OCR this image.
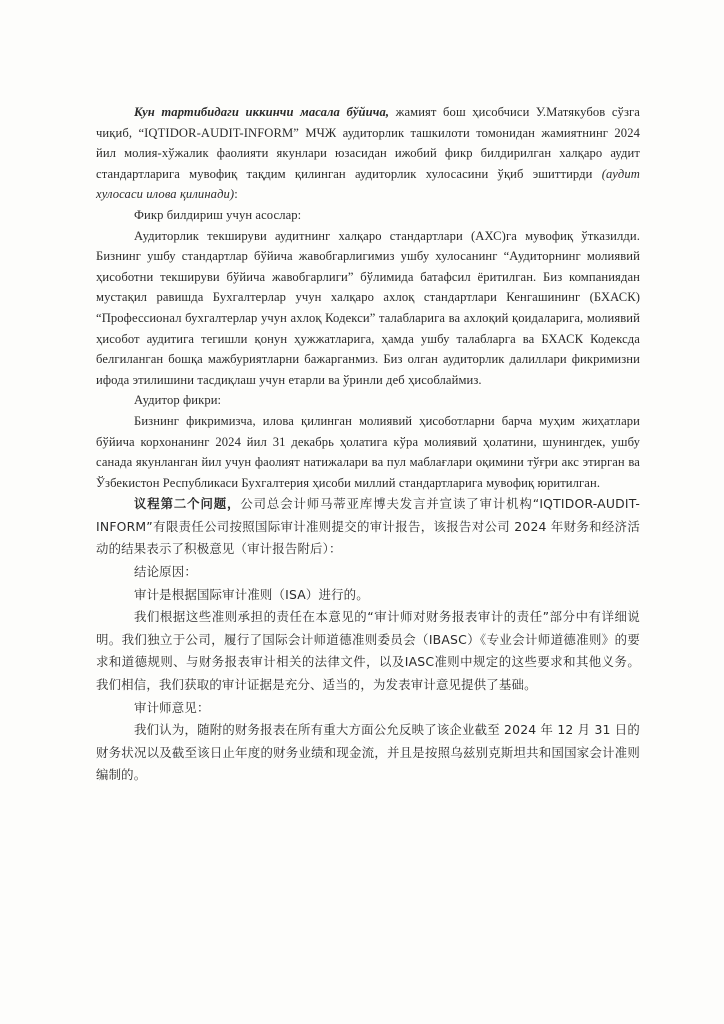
Кун тартибидаги иккинчи масала бўйича, жамият бош ҳисобчиси У.Матякубов сўзга чиқиб, “IQTIDOR-AUDIT-INFORM” МЧЖ аудиторлик ташкилоти томонидан жамиятнинг 2024 йил молия-хўжалик фаолияти якунлари юзасидан ижобий фикр билдирилган халқаро аудит стандартларига мувофиқ тақдим қилинган аудиторлик хулосасини ўқиб эшиттирди (аудит хулосаси илова қилинади):

Фикр билдириш учун асослар:

Аудиторлик текшируви аудитнинг халқаро стандартлари (АХС)га мувофиқ ўтказилди. Бизнинг ушбу стандартлар бўйича жавобгарлигимиз ушбу хулосанинг “Аудиторнинг молиявий ҳисоботни текшируви бўйича жавобгарлиги” бўлимида батафсил ёритилган. Биз компаниядан мустақил равишда Бухгалтерлар учун халқаро ахлоқ стандартлари Кенгашининг (БХАСК) “Профессионал бухгалтерлар учун ахлоқ Кодекси” талабларига ва ахлоқий қоидаларига, молиявий ҳисобот аудитига тегишли қонун ҳужжатларига, ҳамда ушбу талабларга ва БХАСК Кодексда белгиланган бошқа мажбуриятларни бажарганмиз. Биз олган аудиторлик далиллари фикримизни ифода этилишини тасдиқлаш учун етарли ва ўринли деб ҳисоблаймиз.

Аудитор фикри:

Бизнинг фикримизча, илова қилинган молиявий ҳисоботларни барча муҳим жиҳатлари бўйича корхонанинг 2024 йил 31 декабрь ҳолатига кўра молиявий ҳолатини, шунингдек, ушбу санада якунланган йил учун фаолият натижалари ва пул маблағлари оқимини тўғри акс этирган ва Ўзбекистон Республикаси Бухгалтерия ҳисоби миллий стандартларига мувофиқ юритилган.

议程第二个问题，公司总会计师马蒂亚库博夫发言并宣读了审计机构“IQTIDOR-AUDIT-INFORM”有限责任公司按照国际审计准则提交的审计报告，该报告对公司 2024 年财务和经济活动的结果表示了积极意见（审计报告附后）：

结论原因：

审计是根据国际审计准则（ISA）进行的。

我们根据这些准则承担的责任在本意见的“审计师对财务报表审计的责任”部分中有详细说明。我们独立于公司，履行了国际会计师道德准则委员会（IBASC）《专业会计师道德准则》的要求和道德规则、与财务报表审计相关的法律文件，以及IASC准则中规定的这些要求和其他义务。我们相信，我们获取的审计证据是充分、适当的，为发表审计意见提供了基础。

审计师意见：

我们认为，随附的财务报表在所有重大方面公允反映了该企业截至 2024 年 12 月 31 日的财务状况以及截至该日止年度的财务业绩和现金流，并且是按照乌兹别克斯坦共和国国家会计准则编制的。
